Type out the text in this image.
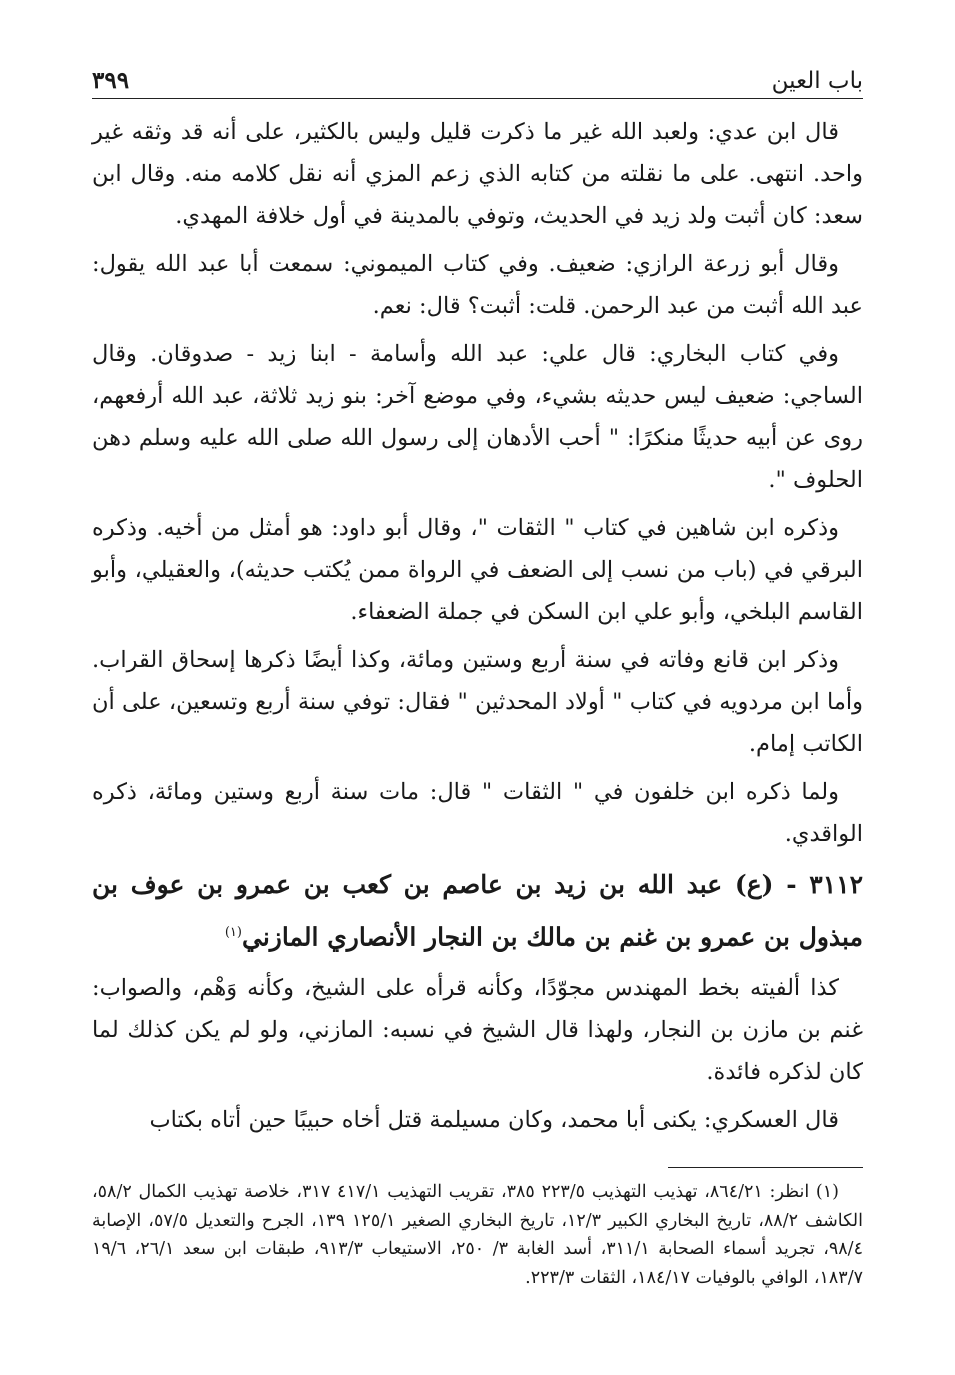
باب العين
٣٩٩

قال ابن عدي: ولعبد الله غير ما ذكرت قليل وليس بالكثير، على أنه قد وثقه غير واحد. انتهى. على ما نقلته من كتابه الذي زعم المزي أنه نقل كلامه منه. وقال ابن سعد: كان أثبت ولد زيد في الحديث، وتوفي بالمدينة في أول خلافة المهدي.

وقال أبو زرعة الرازي: ضعيف. وفي كتاب الميموني: سمعت أبا عبد الله يقول: عبد الله أثبت من عبد الرحمن. قلت: أثبت؟ قال: نعم.

وفي كتاب البخاري: قال علي: عبد الله وأسامة - ابنا زيد - صدوقان. وقال الساجي: ضعيف ليس حديثه بشيء، وفي موضع آخر: بنو زيد ثلاثة، عبد الله أرفعهم، روى عن أبيه حديثًا منكرًا: " أحب الأدهان إلى رسول الله صلى الله عليه وسلم دهن الحلوف ".

وذكره ابن شاهين في كتاب " الثقات "، وقال أبو داود: هو أمثل من أخيه. وذكره البرقي في (باب من نسب إلى الضعف في الرواة ممن يُكتب حديثه)، والعقيلي، وأبو القاسم البلخي، وأبو علي ابن السكن في جملة الضعفاء.

وذكر ابن قانع وفاته في سنة أربع وستين ومائة، وكذا أيضًا ذكرها إسحاق القراب. وأما ابن مردويه في كتاب " أولاد المحدثين " فقال: توفي سنة أربع وتسعين، على أن الكاتب إمام.

ولما ذكره ابن خلفون في " الثقات " قال: مات سنة أربع وستين ومائة، ذكره الواقدي.

٣١١٢ - (ع) عبد الله بن زيد بن عاصم بن كعب بن عمرو بن عوف بن مبذول بن عمرو بن غنم بن مالك بن النجار الأنصاري المازني$^{(١)}$

كذا ألفيته بخط المهندس مجوّدًا، وكأنه قرأه على الشيخ، وكأنه وَهْم، والصواب: غنم بن مازن بن النجار، ولهذا قال الشيخ في نسبه: المازني، ولو لم يكن كذلك لما كان لذكره فائدة.

قال العسكري: يكنى أبا محمد، وكان مسيلمة قتل أخاه حبيبًا حين أتاه بكتاب

(١) انظر: ٨٦٤/٢١، تهذيب التهذيب ٢٢٣/٥ ٣٨٥، تقريب التهذيب ٤١٧/١ ٣١٧، خلاصة تهذيب الكمال ٥٨/٢، الكاشف ٨٨/٢، تاريخ البخاري الكبير ١٢/٣، تاريخ البخاري الصغير ١٢٥/١ ١٣٩، الجرح والتعديل ٥٧/٥، الإصابة ٩٨/٤، تجريد أسماء الصحابة ٣١١/١، أسد الغابة ٣/ ٢٥٠، الاستيعاب ٩١٣/٣، طبقات ابن سعد ٢٦/١، ١٩/٦ ١٨٣/٧، الوافي بالوفيات ١٨٤/١٧، الثقات ٢٢٣/٣.
